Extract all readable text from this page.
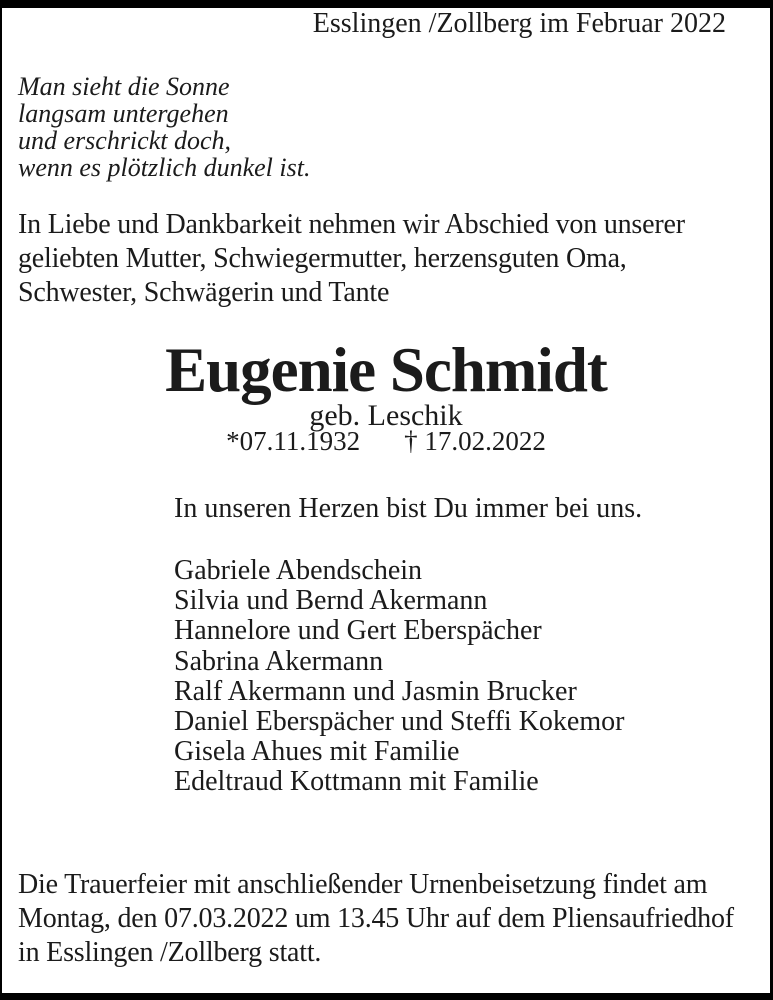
Esslingen /Zollberg im Februar 2022
Man sieht die Sonne
langsam untergehen
und erschrickt doch,
wenn es plötzlich dunkel ist.
In Liebe und Dankbarkeit nehmen wir Abschied von unserer
geliebten Mutter, Schwiegermutter, herzensguten Oma,
Schwester, Schwägerin und Tante
Eugenie Schmidt
geb. Leschik
*07.11.1932 † 17.02.2022
In unseren Herzen bist Du immer bei uns.
Gabriele Abendschein
Silvia und Bernd Akermann
Hannelore und Gert Eberspächer
Sabrina Akermann
Ralf Akermann und Jasmin Brucker
Daniel Eberspächer und Steffi Kokemor
Gisela Ahues mit Familie
Edeltraud Kottmann mit Familie
Die Trauerfeier mit anschließender Urnenbeisetzung findet am
Montag, den 07.03.2022 um 13.45 Uhr auf dem Pliensaufriedhof
in Esslingen /Zollberg statt.
